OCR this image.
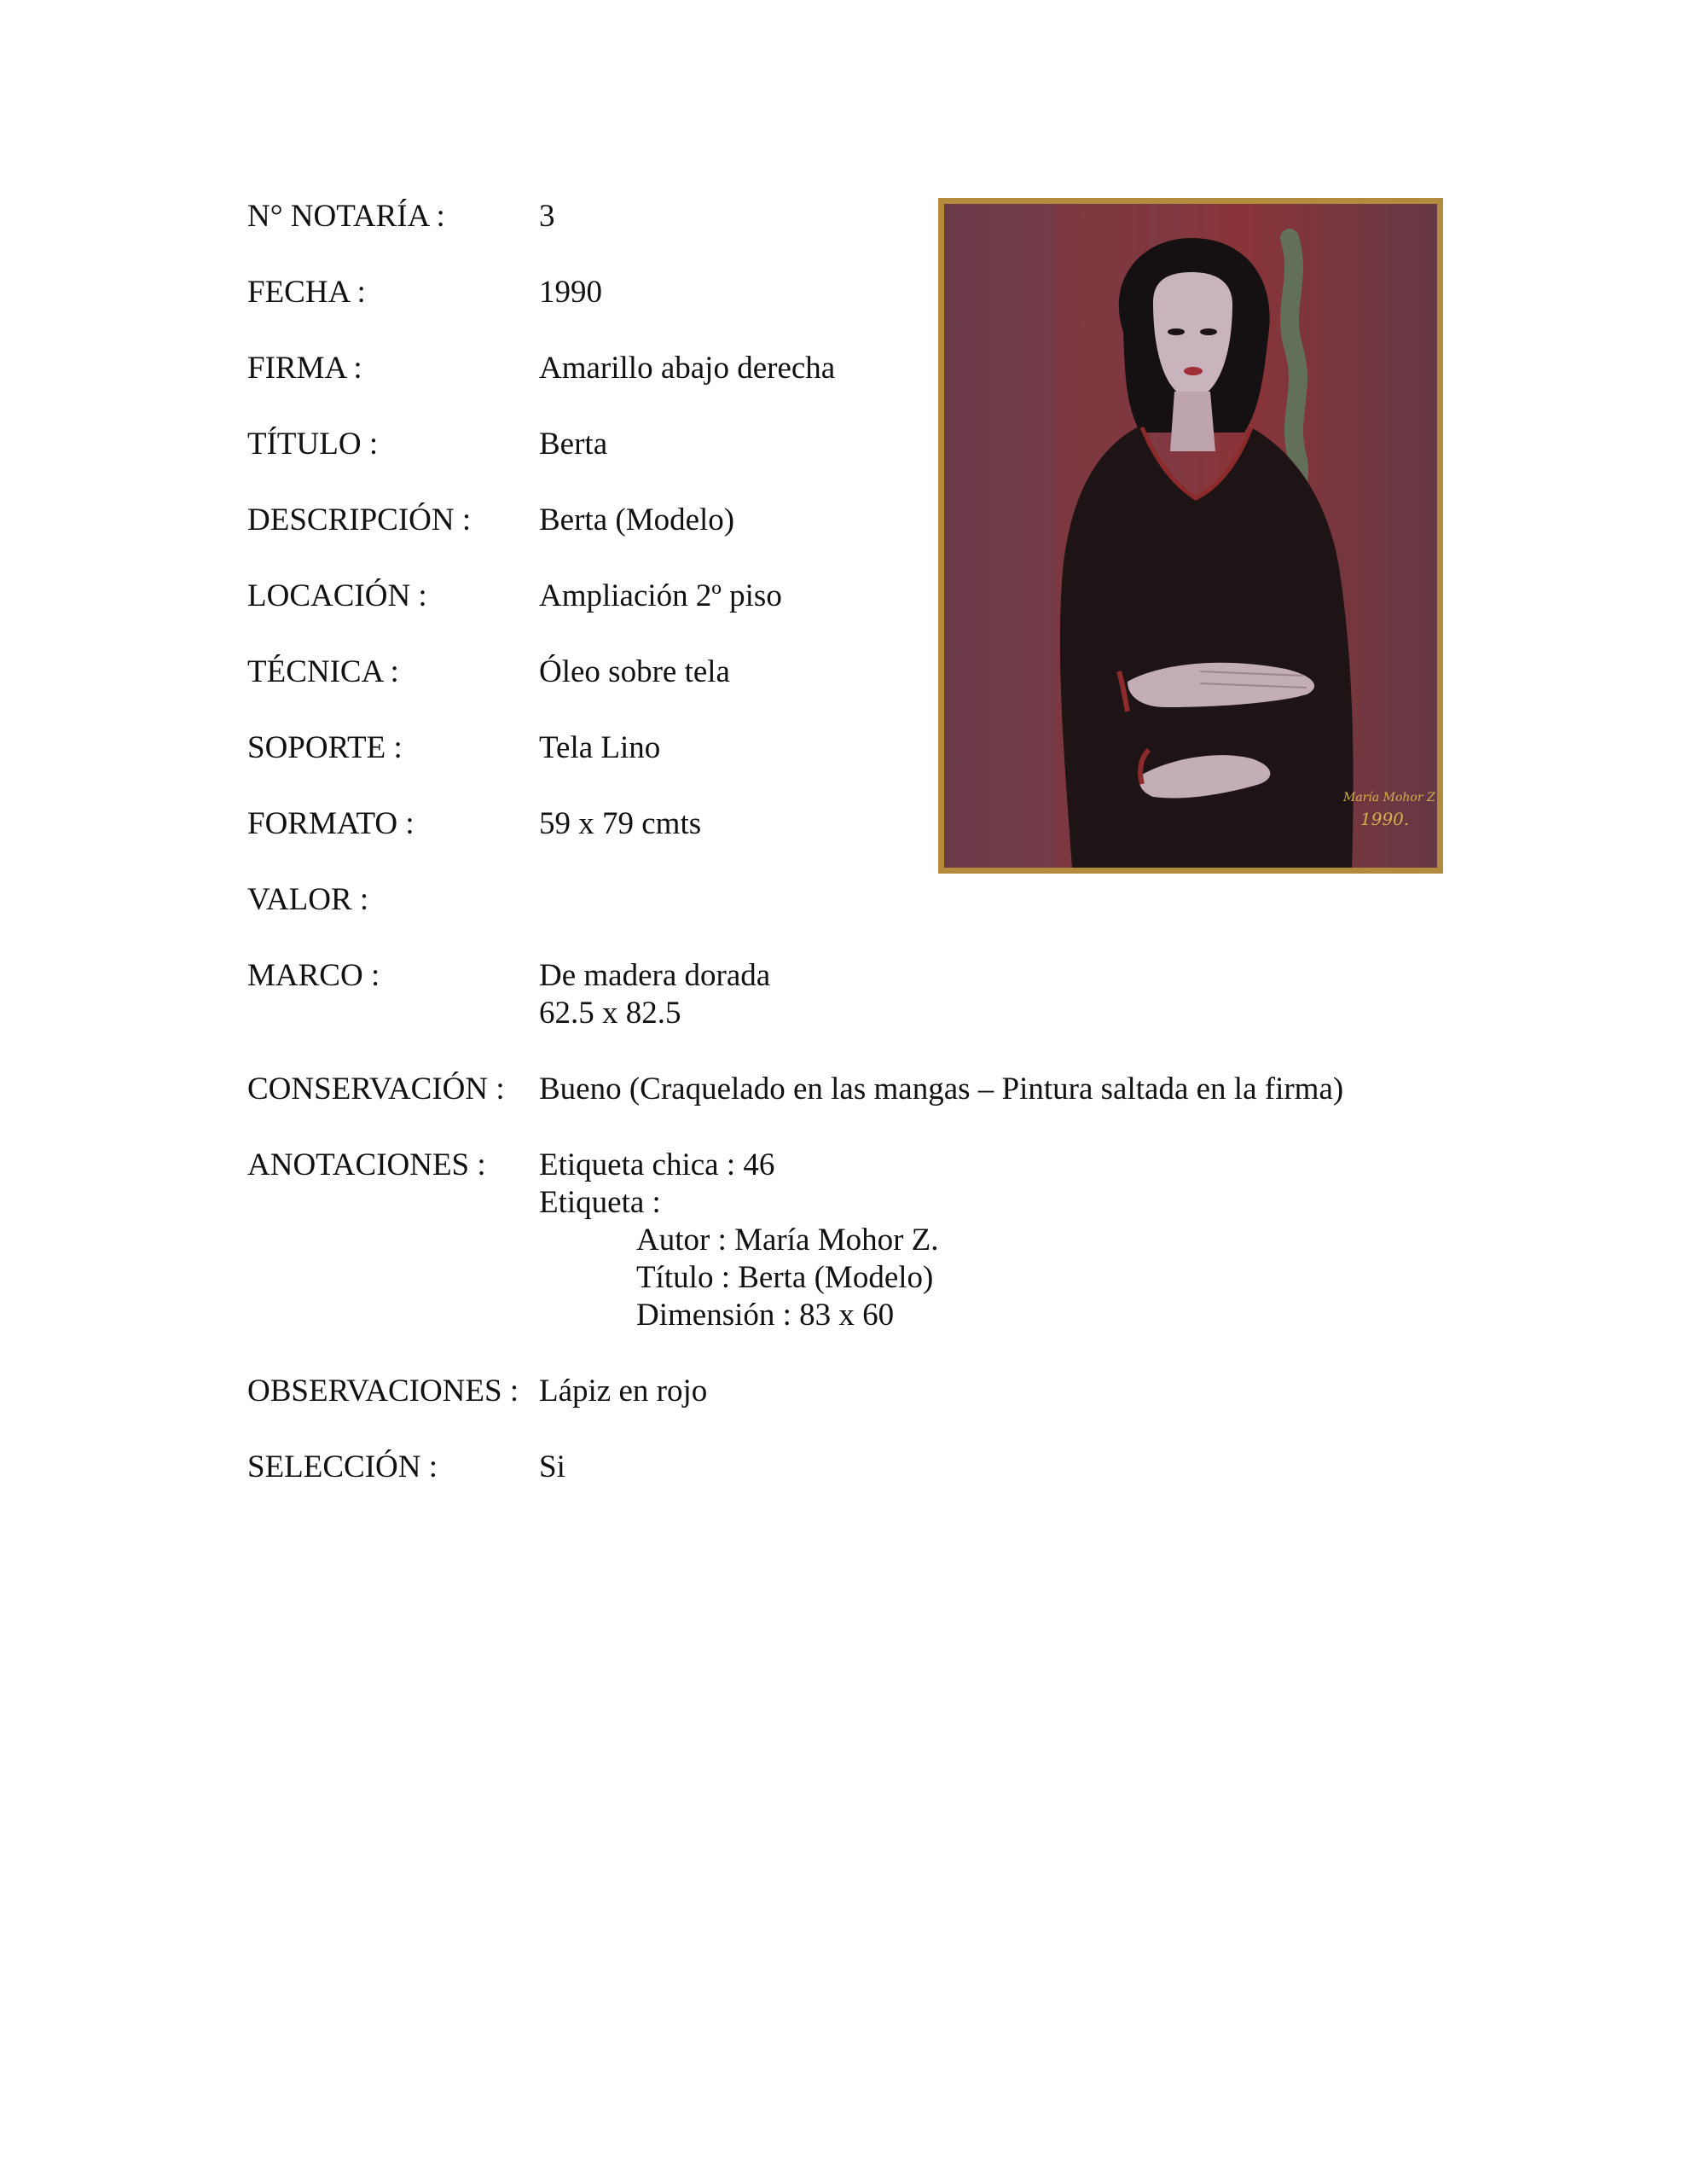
N° NOTARÍA :	3
FECHA :	1990
FIRMA :	Amarillo abajo derecha
TÍTULO :	Berta
DESCRIPCIÓN : Berta (Modelo)
LOCACIÓN :	Ampliación 2º piso
TÉCNICA :	Óleo sobre tela
SOPORTE :	Tela Lino
FORMATO :	59 x 79 cmts
VALOR :
MARCO :	De madera dorada
62.5 x 82.5
CONSERVACIÓN : Bueno (Craquelado en las mangas – Pintura saltada en la firma)
ANOTACIONES : Etiqueta chica : 46
Etiqueta :
Autor : María Mohor Z.
Título : Berta (Modelo)
Dimensión : 83 x 60
OBSERVACIONES : Lápiz en rojo
SELECCIÓN :	Si
María Mohor Z
1990.
